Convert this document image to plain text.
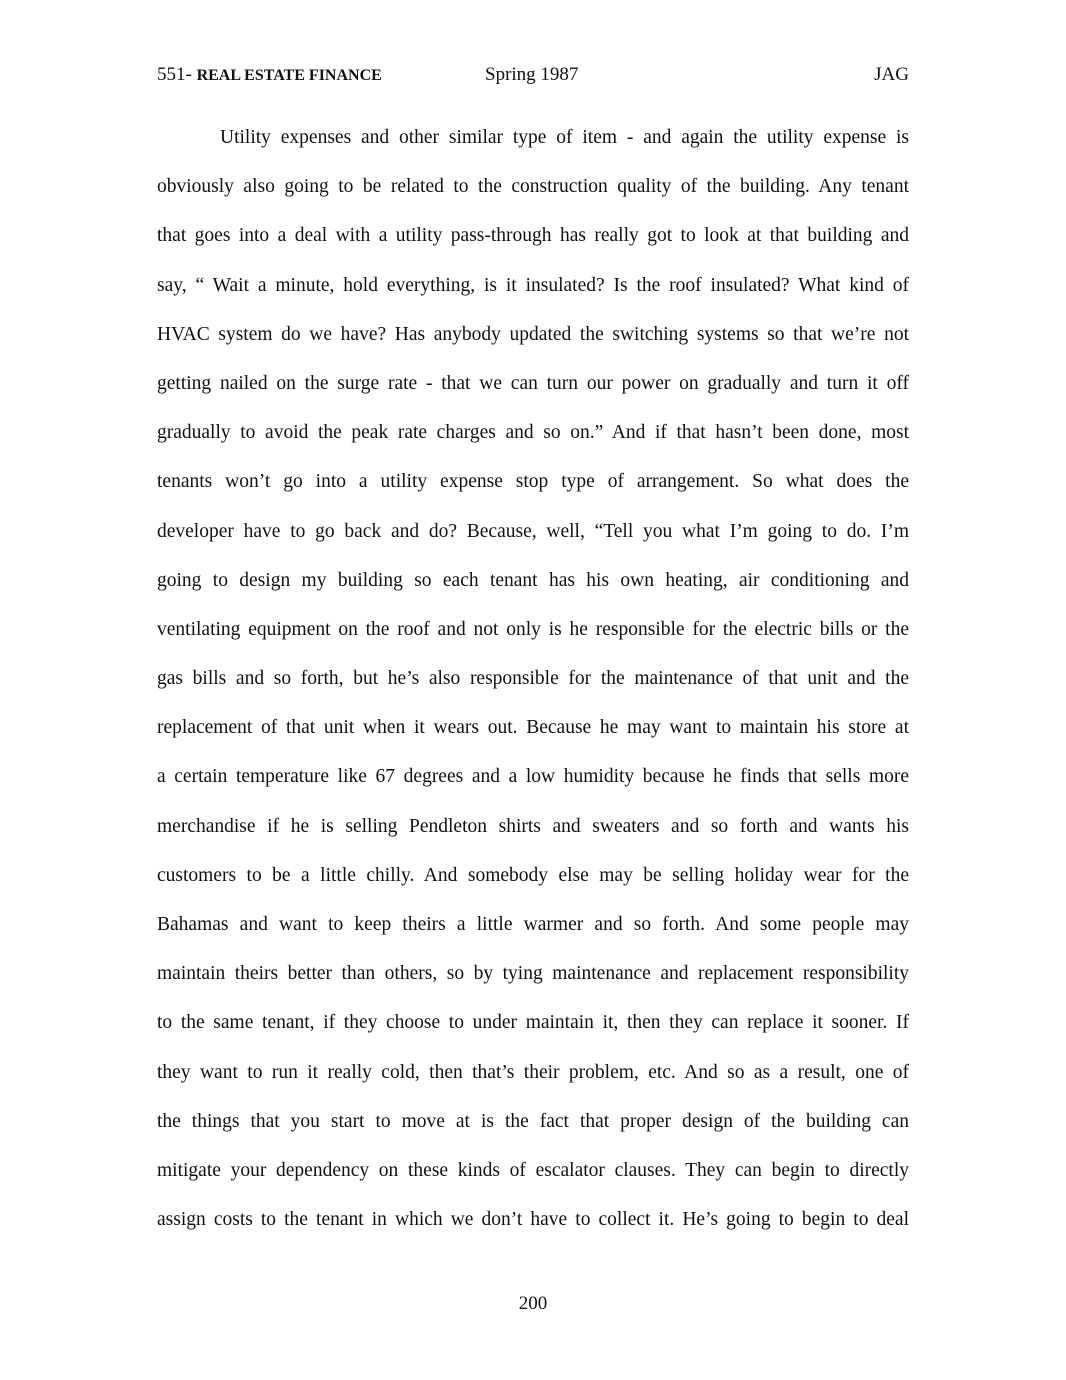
551- REAL ESTATE FINANCE	Spring 1987	JAG
Utility expenses and other similar type of item - and again the utility expense is
obviously also going to be related to the construction quality of the building. Any tenant
that goes into a deal with a utility pass-through has really got to look at that building and
say, “ Wait a minute, hold everything, is it insulated? Is the roof insulated? What kind of
HVAC system do we have? Has anybody updated the switching systems so that we’re not
getting nailed on the surge rate - that we can turn our power on gradually and turn it off
gradually to avoid the peak rate charges and so on.” And if that hasn’t been done, most
tenants won’t go into a utility expense stop type of arrangement. So what does the
developer have to go back and do? Because, well, “Tell you what I’m going to do. I’m
going to design my building so each tenant has his own heating, air conditioning and
ventilating equipment on the roof and not only is he responsible for the electric bills or the
gas bills and so forth, but he’s also responsible for the maintenance of that unit and the
replacement of that unit when it wears out. Because he may want to maintain his store at
a certain temperature like 67 degrees and a low humidity because he finds that sells more
merchandise if he is selling Pendleton shirts and sweaters and so forth and wants his
customers to be a little chilly. And somebody else may be selling holiday wear for the
Bahamas and want to keep theirs a little warmer and so forth. And some people may
maintain theirs better than others, so by tying maintenance and replacement responsibility
to the same tenant, if they choose to under maintain it, then they can replace it sooner. If
they want to run it really cold, then that’s their problem, etc. And so as a result, one of
the things that you start to move at is the fact that proper design of the building can
mitigate your dependency on these kinds of escalator clauses. They can begin to directly
assign costs to the tenant in which we don’t have to collect it. He’s going to begin to deal
200
